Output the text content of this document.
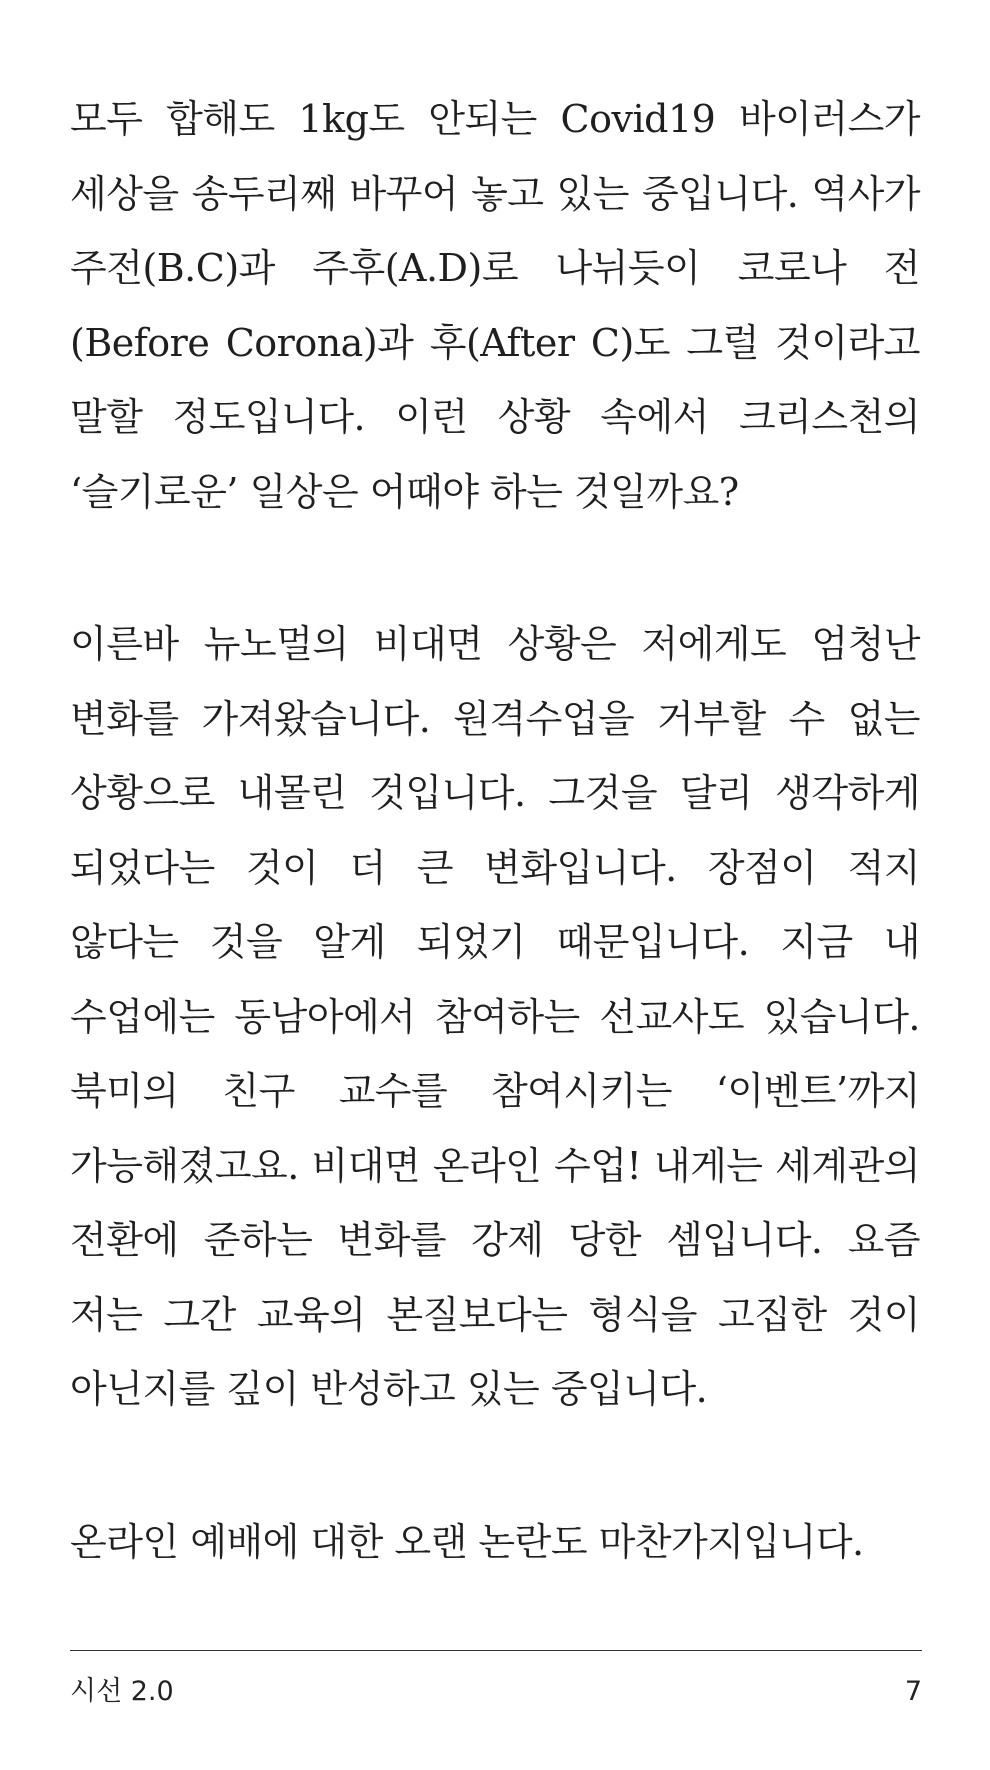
모두 합해도 1kg도 안되는 Covid19 바이러스가 세상을 송두리째 바꾸어 놓고 있는 중입니다. 역사가 주전(B.C)과 주후(A.D)로 나뉘듯이 코로나 전(Before Corona)과 후(After C)도 그럴 것이라고 말할 정도입니다. 이런 상황 속에서 크리스천의 ‘슬기로운’ 일상은 어때야 하는 것일까요?

이른바 뉴노멀의 비대면 상황은 저에게도 엄청난 변화를 가져왔습니다. 원격수업을 거부할 수 없는 상황으로 내몰린 것입니다. 그것을 달리 생각하게 되었다는 것이 더 큰 변화입니다. 장점이 적지 않다는 것을 알게 되었기 때문입니다. 지금 내 수업에는 동남아에서 참여하는 선교사도 있습니다. 북미의 친구 교수를 참여시키는 ‘이벤트’까지 가능해졌고요. 비대면 온라인 수업! 내게는 세계관의 전환에 준하는 변화를 강제 당한 셈입니다. 요즘 저는 그간 교육의 본질보다는 형식을 고집한 것이 아닌지를 깊이 반성하고 있는 중입니다.

온라인 예배에 대한 오랜 논란도 마찬가지입니다.

시선 2.0	7
